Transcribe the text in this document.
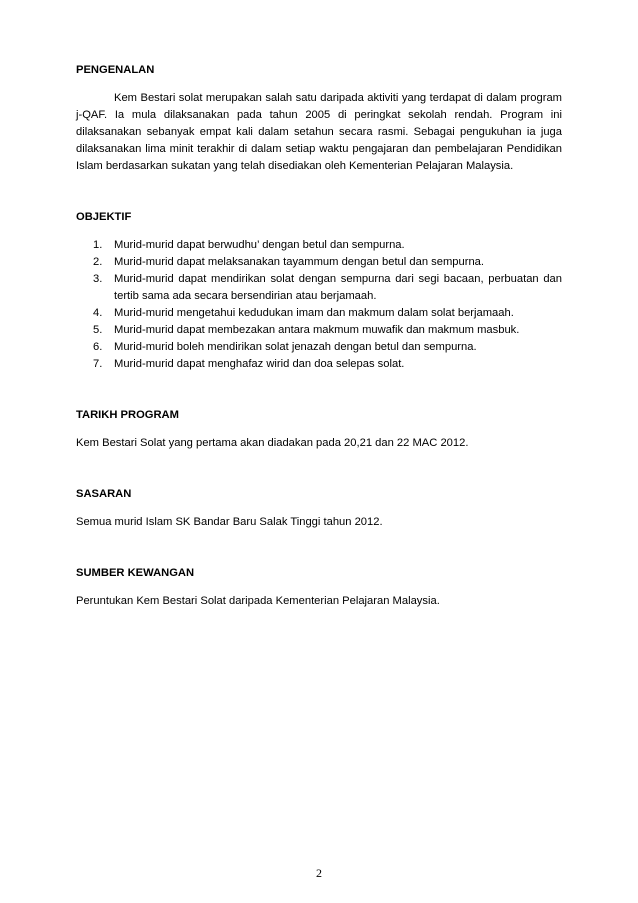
PENGENALAN

Kem Bestari solat merupakan salah satu daripada aktiviti yang terdapat di dalam program j-QAF. Ia mula dilaksanakan pada tahun 2005 di peringkat sekolah rendah. Program ini dilaksanakan sebanyak empat kali dalam setahun secara rasmi. Sebagai pengukuhan ia juga dilaksanakan lima minit terakhir di dalam setiap waktu pengajaran dan pembelajaran Pendidikan Islam berdasarkan sukatan yang telah disediakan oleh Kementerian Pelajaran Malaysia.

OBJEKTIF
1.	Murid-murid dapat berwudhu’ dengan betul dan sempurna.
2.	Murid-murid dapat melaksanakan tayammum dengan betul dan sempurna.
3.	Murid-murid dapat mendirikan solat dengan sempurna dari segi bacaan, perbuatan dan tertib sama ada secara bersendirian atau berjamaah.
4.	Murid-murid mengetahui kedudukan imam dan makmum dalam solat berjamaah.
5.	Murid-murid dapat membezakan antara makmum muwafik dan makmum masbuk.
6.	Murid-murid boleh mendirikan solat jenazah dengan betul dan sempurna.
7.	Murid-murid dapat menghafaz wirid dan doa selepas solat.
TARIKH PROGRAM

Kem Bestari Solat yang pertama akan diadakan pada 20,21 dan 22 MAC 2012.

SASARAN

Semua murid Islam SK Bandar Baru Salak Tinggi tahun 2012.

SUMBER KEWANGAN

Peruntukan Kem Bestari Solat daripada Kementerian Pelajaran Malaysia.

2
